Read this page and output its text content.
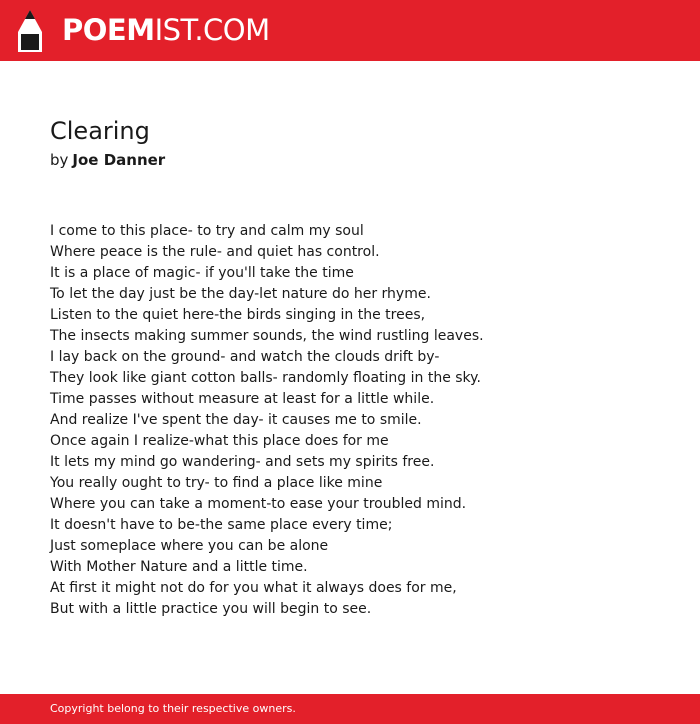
POEMIST.COM
Clearing
by Joe Danner
I come to this place- to try and calm my soul
Where peace is the rule- and quiet has control.
It is a place of magic- if you'll take the time
To let the day just be the day-let nature do her rhyme.
Listen to the quiet here-the birds singing in the trees,
The insects making summer sounds, the wind rustling leaves.
I lay back on the ground- and watch the clouds drift by-
They look like giant cotton balls- randomly floating in the sky.
Time passes without measure at least for a little while.
And realize I've spent the day- it causes me to smile.
Once again I realize-what this place does for me
It lets my mind go wandering- and sets my spirits free.
You really ought to try- to find a place like mine
Where you can take a moment-to ease your troubled mind.
It doesn't have to be-the same place every time;
Just someplace where you can be alone
With Mother Nature and a little time.
At first it might not do for you what it always does for me,
But with a little practice you will begin to see.
Copyright belong to their respective owners.
